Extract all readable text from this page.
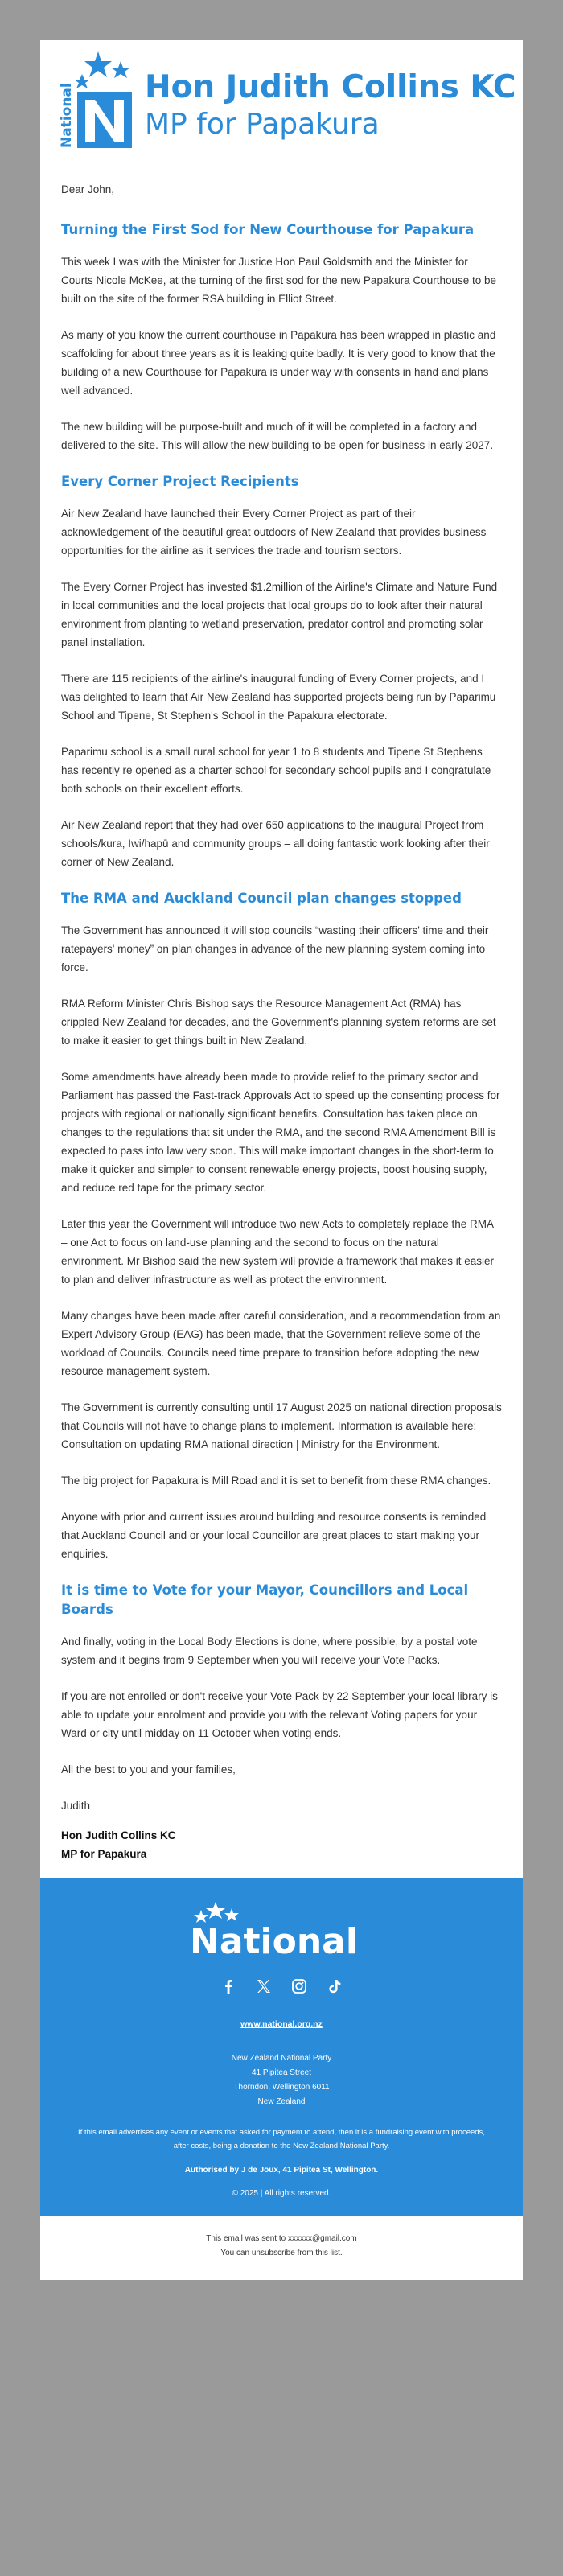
National Hon Judith Collins KC
MP for Papakura

Dear John,

Turning the First Sod for New Courthouse for Papakura

This week I was with the Minister for Justice Hon Paul Goldsmith and the Minister for Courts Nicole McKee, at the turning of the first sod for the new Papakura Courthouse to be built on the site of the former RSA building in Elliot Street.

As many of you know the current courthouse in Papakura has been wrapped in plastic and scaffolding for about three years as it is leaking quite badly. It is very good to know that the building of a new Courthouse for Papakura is under way with consents in hand and plans well advanced.

The new building will be purpose-built and much of it will be completed in a factory and delivered to the site. This will allow the new building to be open for business in early 2027.

Every Corner Project Recipients

Air New Zealand have launched their Every Corner Project as part of their acknowledgement of the beautiful great outdoors of New Zealand that provides business opportunities for the airline as it services the trade and tourism sectors.

The Every Corner Project has invested $1.2million of the Airline's Climate and Nature Fund in local communities and the local projects that local groups do to look after their natural environment from planting to wetland preservation, predator control and promoting solar panel installation.

There are 115 recipients of the airline's inaugural funding of Every Corner projects, and I was delighted to learn that Air New Zealand has supported projects being run by Paparimu School and Tipene, St Stephen's School in the Papakura electorate.

Paparimu school is a small rural school for year 1 to 8 students and Tipene St Stephens has recently re opened as a charter school for secondary school pupils and I congratulate both schools on their excellent efforts.

Air New Zealand report that they had over 650 applications to the inaugural Project from schools/kura, Iwi/hapū and community groups – all doing fantastic work looking after their corner of New Zealand.

The RMA and Auckland Council plan changes stopped

The Government has announced it will stop councils “wasting their officers' time and their ratepayers' money” on plan changes in advance of the new planning system coming into force.

RMA Reform Minister Chris Bishop says the Resource Management Act (RMA) has crippled New Zealand for decades, and the Government's planning system reforms are set to make it easier to get things built in New Zealand.

Some amendments have already been made to provide relief to the primary sector and Parliament has passed the Fast-track Approvals Act to speed up the consenting process for projects with regional or nationally significant benefits. Consultation has taken place on changes to the regulations that sit under the RMA, and the second RMA Amendment Bill is expected to pass into law very soon. This will make important changes in the short-term to make it quicker and simpler to consent renewable energy projects, boost housing supply, and reduce red tape for the primary sector.

Later this year the Government will introduce two new Acts to completely replace the RMA – one Act to focus on land-use planning and the second to focus on the natural environment. Mr Bishop said the new system will provide a framework that makes it easier to plan and deliver infrastructure as well as protect the environment.

Many changes have been made after careful consideration, and a recommendation from an Expert Advisory Group (EAG) has been made, that the Government relieve some of the workload of Councils. Councils need time prepare to transition before adopting the new resource management system.

The Government is currently consulting until 17 August 2025 on national direction proposals that Councils will not have to change plans to implement. Information is available here: Consultation on updating RMA national direction | Ministry for the Environment.

The big project for Papakura is Mill Road and it is set to benefit from these RMA changes.

Anyone with prior and current issues around building and resource consents is reminded that Auckland Council and or your local Councillor are great places to start making your enquiries.

It is time to Vote for your Mayor, Councillors and Local Boards

And finally, voting in the Local Body Elections is done, where possible, by a postal vote system and it begins from 9 September when you will receive your Vote Packs.

If you are not enrolled or don't receive your Vote Pack by 22 September your local library is able to update your enrolment and provide you with the relevant Voting papers for your Ward or city until midday on 11 October when voting ends.

All the best to you and your families,

Judith

Hon Judith Collins KC
MP for Papakura
National
www.national.org.nz
New Zealand National Party
41 Pipitea Street
Thorndon, Wellington 6011
New Zealand
If this email advertises any event or events that asked for payment to attend, then it is a fundraising event with proceeds, after costs, being a donation to the New Zealand National Party.
Authorised by J de Joux, 41 Pipitea St, Wellington.
© 2025 | All rights reserved.
This email was sent to xxxxxx@gmail.com
You can unsubscribe from this list.
